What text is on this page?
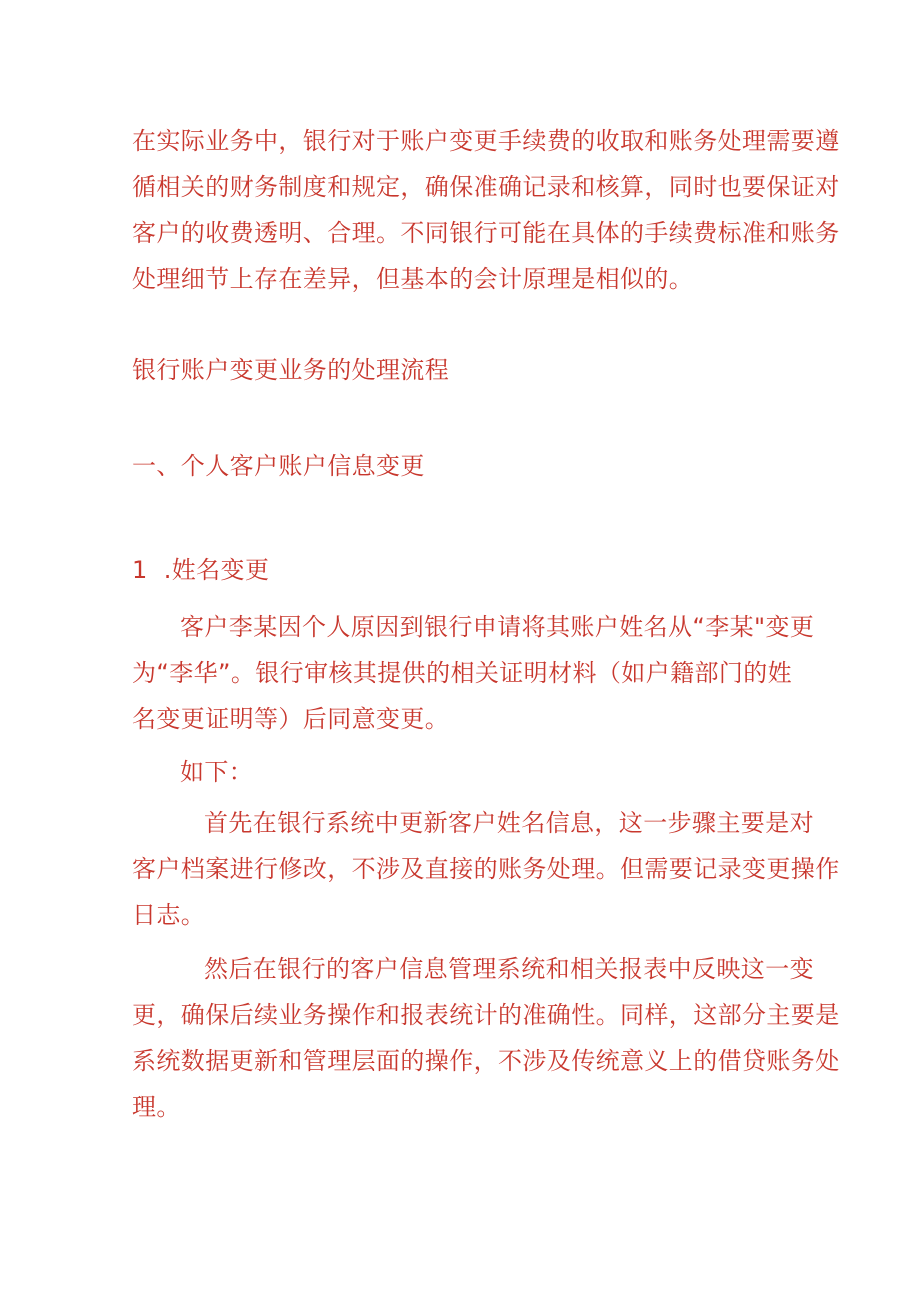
在实际业务中，银行对于账户变更手续费的收取和账务处理需要遵
循相关的财务制度和规定，确保准确记录和核算，同时也要保证对
客户的收费透明、合理。不同银行可能在具体的手续费标准和账务
处理细节上存在差异，但基本的会计原理是相似的。

银行账户变更业务的处理流程
一、个人客户账户信息变更
1  .姓名变更

客户李某因个人原因到银行申请将其账户姓名从“李某"变更
为“李华”。银行审核其提供的相关证明材料（如户籍部门的姓
名变更证明等）后同意变更。

如下：

首先在银行系统中更新客户姓名信息，这一步骤主要是对
客户档案进行修改，不涉及直接的账务处理。但需要记录变更操作
日志。

然后在银行的客户信息管理系统和相关报表中反映这一变
更，确保后续业务操作和报表统计的准确性。同样，这部分主要是
系统数据更新和管理层面的操作，不涉及传统意义上的借贷账务处
理。
